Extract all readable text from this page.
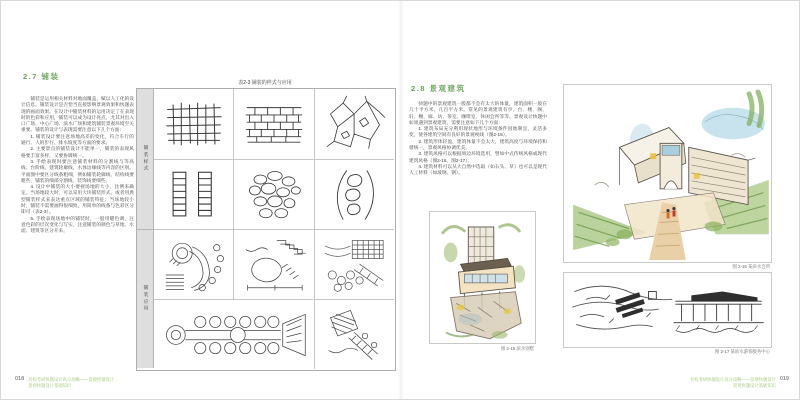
2.7 铺装

铺装是运用相关材料对地面覆盖，赋以人工化的设计信息。铺装设计是否恰当直接影响景观效果和快题表现的画面效果。在设计中铺装材料的运用决定了在表现时的色彩和应用，铺装可以成为设计亮点，尤其对出入口广场、中心广场、滨水广场和建筑铺装景观环境至关重要。铺装的设计与表现需要注意以下几个方面：

1. 铺装设计要注意场地高差的变化，符合车行的通行、人的步行、排水坡度等方面的要求。

2. 主要景点的铺装设计不能单一，铺装的表现风格要丰富多样，又要协调统一。

3. 手绘表现时要注意铺装材料的分割线与等高线、台阶线、建筑轮廓线、水体边缘线等内容的区别。平面图中要区分线条粗细，例如铺装轮廓线、结构线要粗些，铺装的细部分割线、装饰线要细些。

4. 设计中铺装的大小要视场地的大小、比例来确定。当场地较大时，可以采用大块铺装形式，或者用典型铺装样式来表达重点区域的铺装特征；当场地较小时，铺装不需要画得很细致，用简单的线条与色彩区分即可（表2-3）。

5. 手绘表现场地中的铺装时，一般用暖色调，注意色彩的层次变化与写实，注意铺装的颜色与草地、水面、建筑等区分开来。

表2-3 铺装的样式与应用
铺装样式
铺装应用
018 名校考研快题设计高分攻略——景观快题设计
景观快题设计基础知识
2.8 景观建筑

快题中的景观建筑一般都不会有太大的体量，建筑面积一般在几十平方米、几百平方米。常见的景观建筑有亭、台、楼、阁、轩、榭、廊、坊、茶室、咖啡室、休闲会所等等。景观设计快题中如果遇到景观建筑，需要注意如下几个方面：

1. 建筑布局充分利用现状地形与环境条件因地制宜，灵活多变，使各建筑空间有良好的景观视线（图2-15）。

2. 建筑形体轻盈，建筑体量不会太大，建筑高度与环境保持和谐统一，景观风格协调优美。

3. 建筑风格可以根据周边环境选用，譬如中式传统风格或现代建筑风格（图2-16、图2-17）。

4. 建筑材料可以从大自然中选取（如石头、草）也可以是现代人工材料（如玻璃、钢）。

图 2-15 滨水别墅
图 2-16 某滨水会所
图 2-17 某滨水游客服务中心
名校考研快题设计高分攻略——景观快题设计
景观快题设计基础知识
019
